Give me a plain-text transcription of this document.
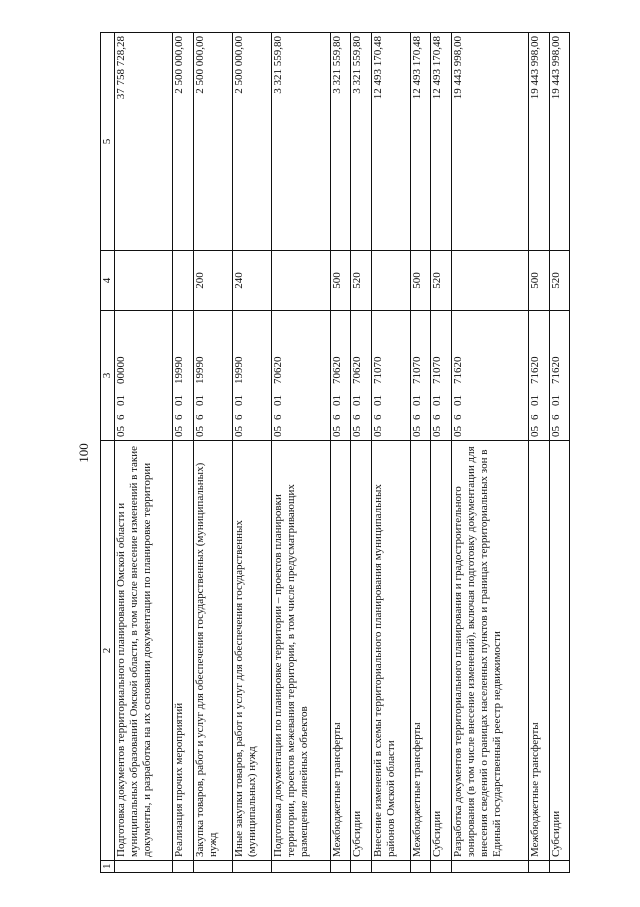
100
1	2	3	4	5
	Подготовка документов территориального планирования Омской области и муниципальных образований Омской области, в том числе внесение изменений в такие документы, и разработка на их основании документации по планировке территории	0560100000		37 758 728,28
	Реализация прочих мероприятий	0560119990		2 500 000,00
	Закупка товаров, работ и услуг для обеспечения государственных (муниципальных) нужд	0560119990	200	2 500 000,00
	Иные закупки товаров, работ и услуг для обеспечения государственных (муниципальных) нужд	0560119990	240	2 500 000,00
	Подготовка документации по планировке территории – проектов планировки территории, проектов межевания территории, в том числе предусматривающих размещение линейных объектов	0560170620		3 321 559,80
	Межбюджетные трансферты	0560170620	500	3 321 559,80
	Субсидии	0560170620	520	3 321 559,80
	Внесение изменений в схемы территориального планирования муниципальных районов Омской области	0560171070		12 493 170,48
	Межбюджетные трансферты	0560171070	500	12 493 170,48
	Субсидии	0560171070	520	12 493 170,48
	Разработка документов территориального планирования и градостроительного зонирования (в том числе внесение изменений), включая подготовку документации для внесения сведений о границах населенных пунктов и границах территориальных зон в Единый государственный реестр недвижимости	0560171620		19 443 998,00
	Межбюджетные трансферты	0560171620	500	19 443 998,00
	Субсидии	0560171620	520	19 443 998,00
